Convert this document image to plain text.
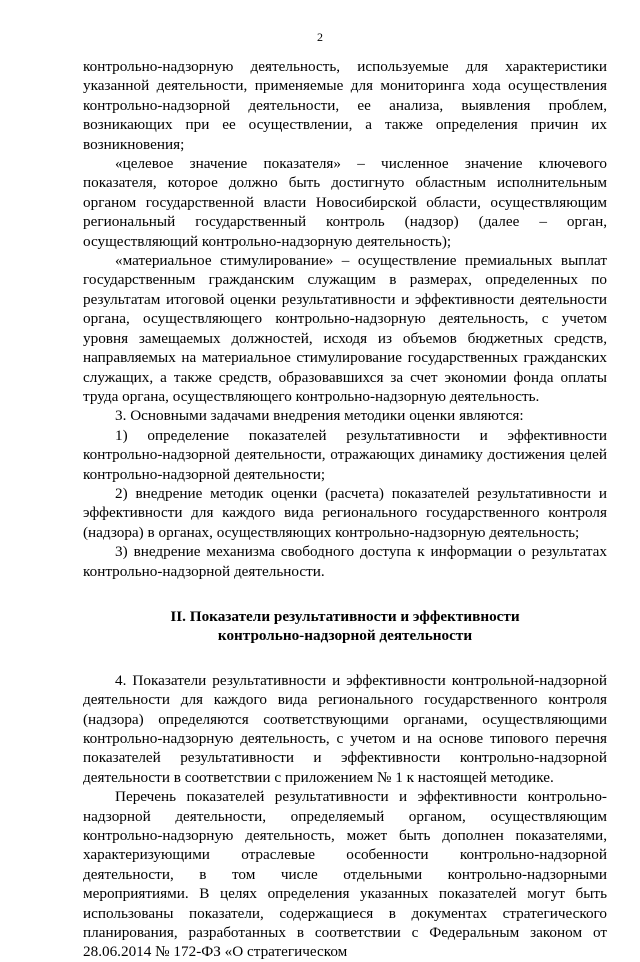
2

контрольно-надзорную деятельность, используемые для характеристики указанной деятельности, применяемые для мониторинга хода осуществления контрольно-надзорной деятельности, ее анализа, выявления проблем, возникающих при ее осуществлении, а также определения причин их возникновения;

«целевое значение показателя» – численное значение ключевого показателя, которое должно быть достигнуто областным исполнительным органом государственной власти Новосибирской области, осуществляющим региональный государственный контроль (надзор) (далее – орган, осуществляющий контрольно-надзорную деятельность);

«материальное стимулирование» – осуществление премиальных выплат государственным гражданским служащим в размерах, определенных по результатам итоговой оценки результативности и эффективности деятельности органа, осуществляющего контрольно-надзорную деятельность, с учетом уровня замещаемых должностей, исходя из объемов бюджетных средств, направляемых на материальное стимулирование государственных гражданских служащих, а также средств, образовавшихся за счет экономии фонда оплаты труда органа, осуществляющего контрольно-надзорную деятельность.

3. Основными задачами внедрения методики оценки являются:

1) определение показателей результативности и эффективности контрольно-надзорной деятельности, отражающих динамику достижения целей контрольно-надзорной деятельности;

2) внедрение методик оценки (расчета) показателей результативности и эффективности для каждого вида регионального государственного контроля (надзора) в органах, осуществляющих контрольно-надзорную деятельность;

3) внедрение механизма свободного доступа к информации о результатах контрольно-надзорной деятельности.

II. Показатели результативности и эффективности
контрольно-надзорной деятельности

4. Показатели результативности и эффективности контрольной-надзорной деятельности для каждого вида регионального государственного контроля (надзора) определяются соответствующими органами, осуществляющими контрольно-надзорную деятельность, с учетом и на основе типового перечня показателей результативности и эффективности контрольно-надзорной деятельности в соответствии с приложением № 1 к настоящей методике.

Перечень показателей результативности и эффективности контрольно-надзорной деятельности, определяемый органом, осуществляющим контрольно-надзорную деятельность, может быть дополнен показателями, характеризующими отраслевые особенности контрольно-надзорной деятельности, в том числе отдельными контрольно-надзорными мероприятиями. В целях определения указанных показателей могут быть использованы показатели, содержащиеся в документах стратегического планирования, разработанных в соответствии с Федеральным законом от 28.06.2014 № 172-ФЗ «О стратегическом
